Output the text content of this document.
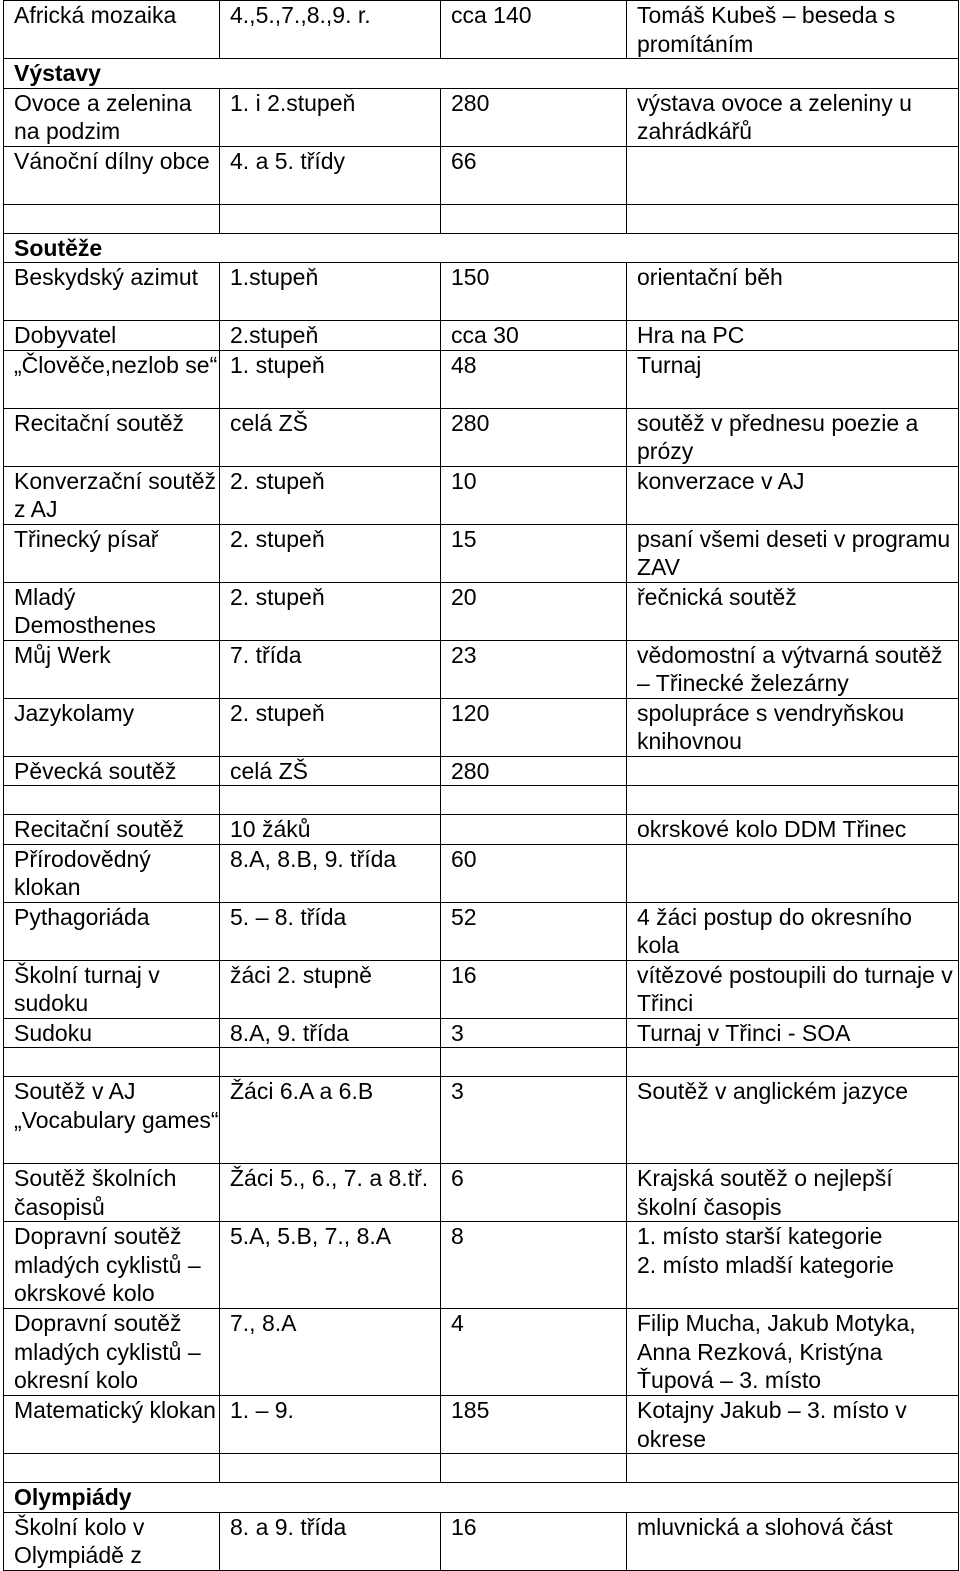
Africká mozaika	4.,5.,7.,8.,9. r.	cca 140	Tomáš Kubeš – beseda s promítáním
Výstavy			
Ovoce a zelenina na podzim	1. i 2.stupeň	280	výstava ovoce a zeleniny u zahrádkářů
Vánoční dílny obce	4. a 5. třídy	66	

Soutěže			
Beskydský azimut	1.stupeň	150	orientační běh
Dobyvatel	2.stupeň	cca 30	Hra na PC
„Člověče,nezlob se“	1. stupeň	48	Turnaj
Recitační soutěž	celá ZŠ	280	soutěž v přednesu poezie a prózy
Konverzační soutěž z AJ	2. stupeň	10	konverzace v AJ
Třinecký písař	2. stupeň	15	psaní všemi deseti v programu ZAV
Mladý Demosthenes	2. stupeň	20	řečnická soutěž
Můj Werk	7. třída	23	vědomostní a výtvarná soutěž – Třinecké železárny
Jazykolamy	2. stupeň	120	spolupráce s vendryňskou knihovnou
Pěvecká soutěž	celá ZŠ	280	

Recitační soutěž	10 žáků		okrskové kolo DDM Třinec
Přírodovědný klokan	8.A, 8.B, 9. třída	60	
Pythagoriáda	5. – 8. třída	52	4 žáci postup do okresního kola
Školní turnaj v sudoku	žáci 2. stupně	16	vítězové postoupili do turnaje v Třinci
Sudoku	8.A, 9. třída	3	Turnaj v Třinci - SOA

Soutěž v AJ „Vocabulary games“	Žáci 6.A a 6.B	3	Soutěž v anglickém jazyce
Soutěž školních časopisů	Žáci 5., 6., 7. a 8.tř.	6	Krajská soutěž o nejlepší školní časopis
Dopravní soutěž mladých cyklistů – okrskové kolo	5.A, 5.B, 7., 8.A	8	1. místo starší kategorie
2. místo mladší kategorie
Dopravní soutěž mladých cyklistů – okresní kolo	7., 8.A	4	Filip Mucha, Jakub Motyka, Anna Rezková, Kristýna Ťupová – 3. místo
Matematický klokan	1. – 9.	185	Kotajny Jakub – 3. místo v okrese

Olympiády			
Školní kolo v Olympiádě z	8. a 9. třída	16	mluvnická a slohová část
